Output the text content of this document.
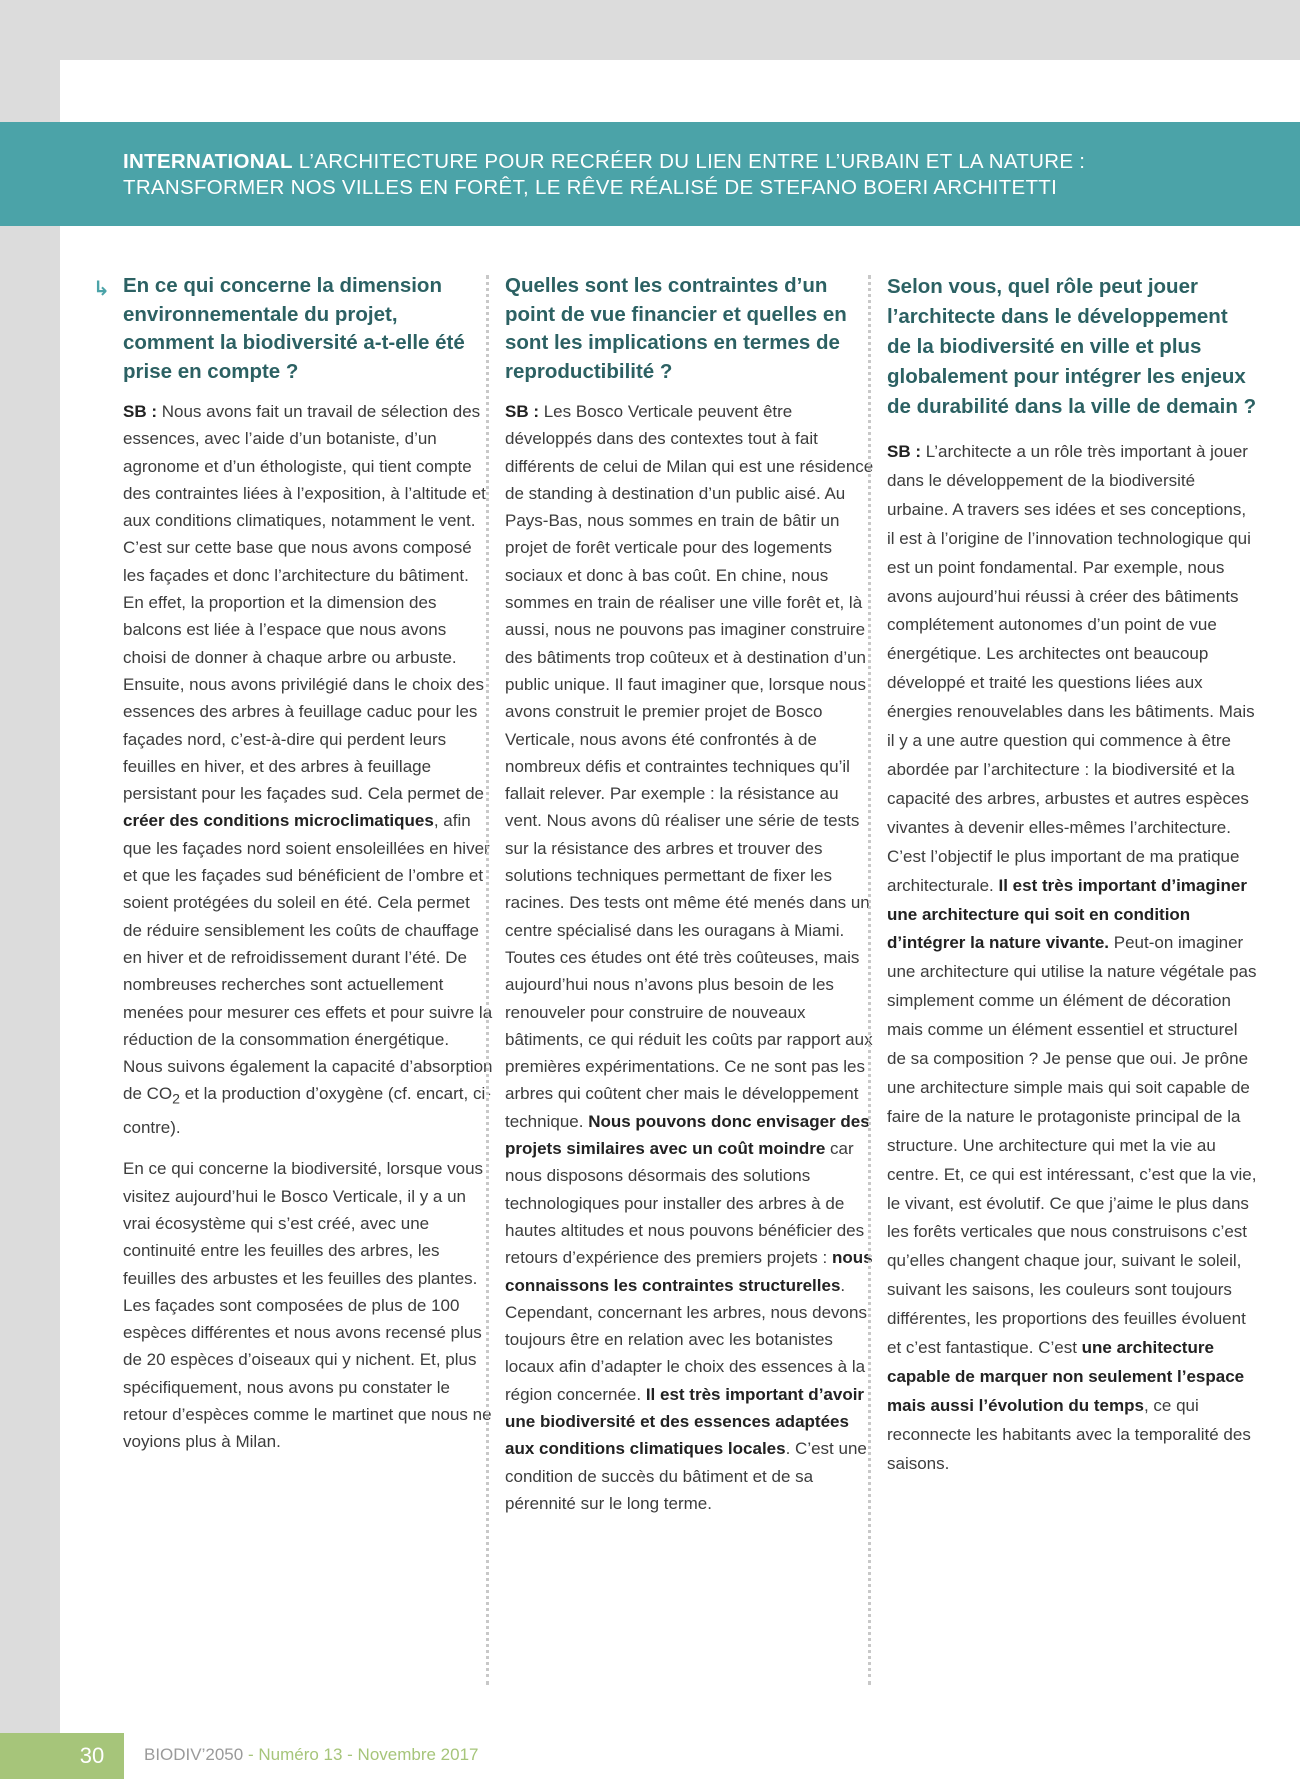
INTERNATIONAL L’ARCHITECTURE POUR RECRÉER DU LIEN ENTRE L’URBAIN ET LA NATURE :
TRANSFORMER NOS VILLES EN FORÊT, LE RÊVE RÉALISÉ DE STEFANO BOERI ARCHITETTI
↳ En ce qui concerne la dimension environnementale du projet, comment la biodiversité a-t-elle été prise en compte ?

SB : Nous avons fait un travail de sélection des essences, avec l’aide d’un botaniste, d’un agronome et d’un éthologiste, qui tient compte des contraintes liées à l’exposition, à l’altitude et aux conditions climatiques, notamment le vent. C’est sur cette base que nous avons composé les façades et donc l’architecture du bâtiment. En effet, la proportion et la dimension des balcons est liée à l’espace que nous avons choisi de donner à chaque arbre ou arbuste. Ensuite, nous avons privilégié dans le choix des essences des arbres à feuillage caduc pour les façades nord, c’est-à-dire qui perdent leurs feuilles en hiver, et des arbres à feuillage persistant pour les façades sud. Cela permet de créer des conditions microclimatiques, afin que les façades nord soient ensoleillées en hiver et que les façades sud bénéficient de l’ombre et soient protégées du soleil en été. Cela permet de réduire sensiblement les coûts de chauffage en hiver et de refroidissement durant l’été. De nombreuses recherches sont actuellement menées pour mesurer ces effets et pour suivre la réduction de la consommation énergétique. Nous suivons également la capacité d’absorption de $CO_2$ et la production d’oxygène (cf. encart, ci-contre).

En ce qui concerne la biodiversité, lorsque vous visitez aujourd’hui le Bosco Verticale, il y a un vrai écosystème qui s’est créé, avec une continuité entre les feuilles des arbres, les feuilles des arbustes et les feuilles des plantes. Les façades sont composées de plus de 100 espèces différentes et nous avons recensé plus de 20 espèces d’oiseaux qui y nichent. Et, plus spécifiquement, nous avons pu constater le retour d’espèces comme le martinet que nous ne voyions plus à Milan.

Quelles sont les contraintes d’un point de vue financier et quelles en sont les implications en termes de reproductibilité ?

SB : Les Bosco Verticale peuvent être développés dans des contextes tout à fait différents de celui de Milan qui est une résidence de standing à destination d’un public aisé. Au Pays-Bas, nous sommes en train de bâtir un projet de forêt verticale pour des logements sociaux et donc à bas coût. En chine, nous sommes en train de réaliser une ville forêt et, là aussi, nous ne pouvons pas imaginer construire des bâtiments trop coûteux et à destination d’un public unique. Il faut imaginer que, lorsque nous avons construit le premier projet de Bosco Verticale, nous avons été confrontés à de nombreux défis et contraintes techniques qu’il fallait relever. Par exemple : la résistance au vent. Nous avons dû réaliser une série de tests sur la résistance des arbres et trouver des solutions techniques permettant de fixer les racines. Des tests ont même été menés dans un centre spécialisé dans les ouragans à Miami. Toutes ces études ont été très coûteuses, mais aujourd’hui nous n’avons plus besoin de les renouveler pour construire de nouveaux bâtiments, ce qui réduit les coûts par rapport aux premières expérimentations. Ce ne sont pas les arbres qui coûtent cher mais le développement technique. Nous pouvons donc envisager des projets similaires avec un coût moindre car nous disposons désormais des solutions technologiques pour installer des arbres à de hautes altitudes et nous pouvons bénéficier des retours d’expérience des premiers projets : nous connaissons les contraintes structurelles. Cependant, concernant les arbres, nous devons toujours être en relation avec les botanistes locaux afin d’adapter le choix des essences à la région concernée. Il est très important d’avoir une biodiversité et des essences adaptées aux conditions climatiques locales. C’est une condition de succès du bâtiment et de sa pérennité sur le long terme.

Selon vous, quel rôle peut jouer l’architecte dans le développement de la biodiversité en ville et plus globalement pour intégrer les enjeux de durabilité dans la ville de demain ?

SB : L’architecte a un rôle très important à jouer dans le développement de la biodiversité urbaine. A travers ses idées et ses conceptions, il est à l’origine de l’innovation technologique qui est un point fondamental. Par exemple, nous avons aujourd’hui réussi à créer des bâtiments complétement autonomes d’un point de vue énergétique. Les architectes ont beaucoup développé et traité les questions liées aux énergies renouvelables dans les bâtiments. Mais il y a une autre question qui commence à être abordée par l’architecture : la biodiversité et la capacité des arbres, arbustes et autres espèces vivantes à devenir elles-mêmes l’architecture. C’est l’objectif le plus important de ma pratique architecturale. Il est très important d’imaginer une architecture qui soit en condition d’intégrer la nature vivante. Peut-on imaginer une architecture qui utilise la nature végétale pas simplement comme un élément de décoration mais comme un élément essentiel et structurel de sa composition ? Je pense que oui. Je prône une architecture simple mais qui soit capable de faire de la nature le protagoniste principal de la structure. Une architecture qui met la vie au centre. Et, ce qui est intéressant, c’est que la vie, le vivant, est évolutif. Ce que j’aime le plus dans les forêts verticales que nous construisons c’est qu’elles changent chaque jour, suivant le soleil, suivant les saisons, les couleurs sont toujours différentes, les proportions des feuilles évoluent et c’est fantastique. C’est une architecture capable de marquer non seulement l’espace mais aussi l’évolution du temps, ce qui reconnecte les habitants avec la temporalité des saisons.

30	BIODIV’2050 - Numéro 13 - Novembre 2017
